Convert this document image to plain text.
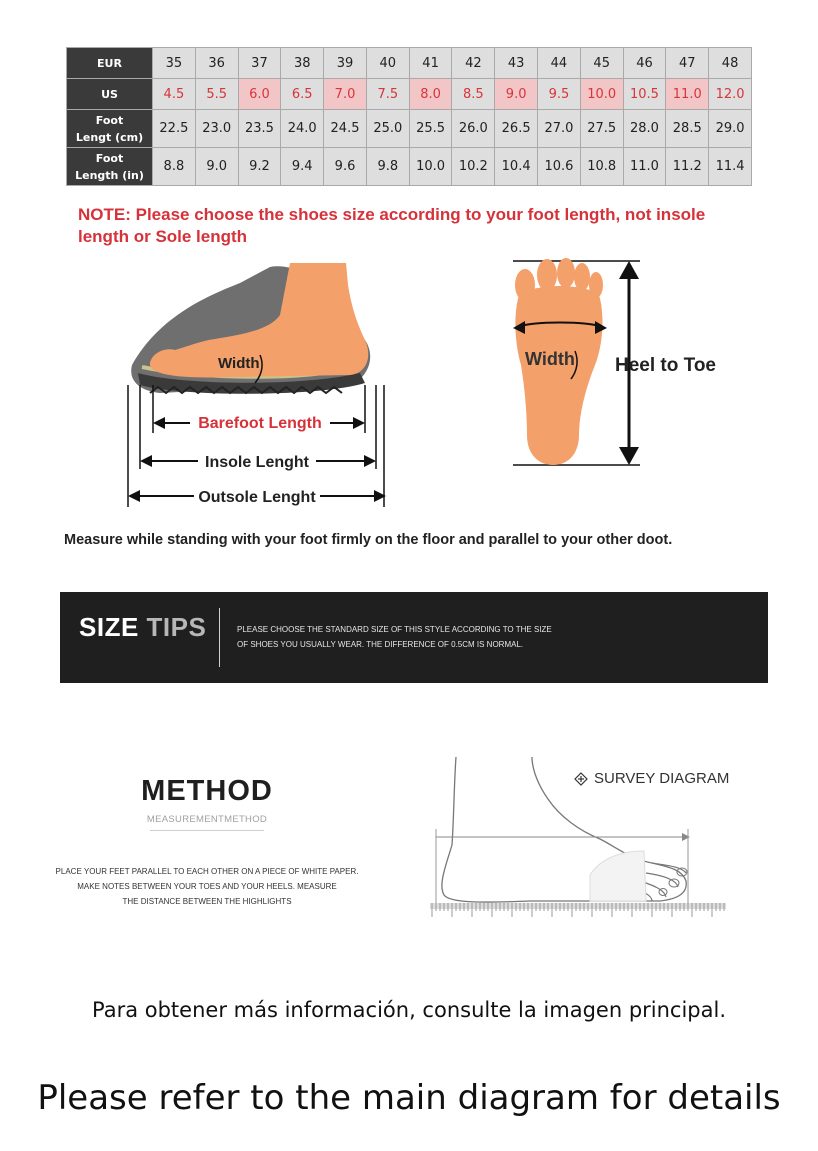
EUR	35	36	37	38	39	40	41	42	43	44	45	46	47	48

US	4.5	5.5	6.0	6.5	7.0	7.5	8.0	8.5	9.0	9.5	10.0	10.5	11.0	12.0

Foot
Lengt (cm)	22.5	23.0	23.5	24.0	24.5	25.0	25.5	26.0	26.5	27.0	27.5	28.0	28.5	29.0

Foot
Length (in)	8.8	9.0	9.2	9.4	9.6	9.8	10.0	10.2	10.4	10.6	10.8	11.0	11.2	11.4
NOTE: Please choose the shoes size according to your foot length, not insole
length or Sole length
Width
Barefoot Length
Insole Lenght
Outsole Lenght
Width Heel to Toe
Measure while standing with your foot firmly on the floor and parallel to your other doot.
SIZE TIPS	PLEASE CHOOSE THE STANDARD SIZE OF THIS STYLE ACCORDING TO THE SIZE
OF SHOES YOU USUALLY WEAR. THE DIFFERENCE OF 0.5CM IS NORMAL.
METHOD
MEASUREMENTMETHOD
PLACE YOUR FEET PARALLEL TO EACH OTHER ON A PIECE OF WHITE PAPER.
MAKE NOTES BETWEEN YOUR TOES AND YOUR HEELS. MEASURE
THE DISTANCE BETWEEN THE HIGHLIGHTS
SURVEY DIAGRAM
Para obtener más información, consulte la imagen principal.
Please refer to the main diagram for details
